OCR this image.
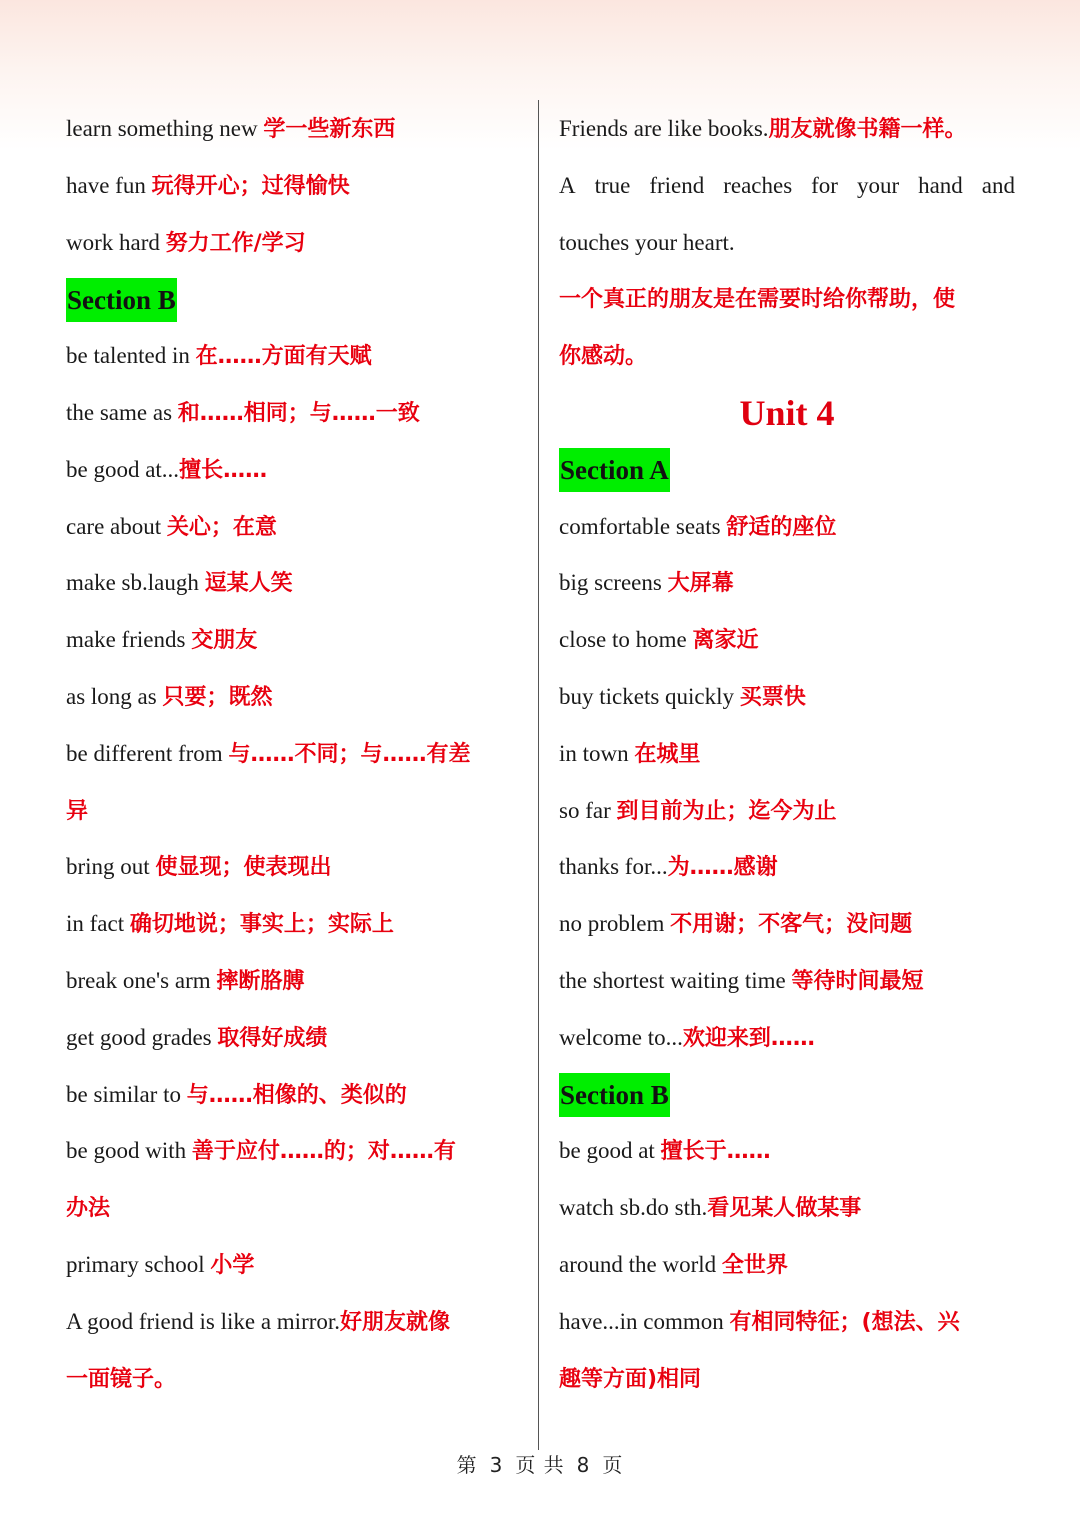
learn something new 学一些新东西
have fun 玩得开心；过得愉快
work hard 努力工作/学习
Section B
be talented in 在……方面有天赋
the same as 和……相同；与……一致
be good at...擅长……
care about 关心；在意
make sb.laugh 逗某人笑
make friends 交朋友
as long as 只要；既然
be different from 与……不同；与……有差
异
bring out 使显现；使表现出
in fact 确切地说；事实上；实际上
break one's arm 摔断胳膊
get good grades 取得好成绩
be similar to 与……相像的、类似的
be good with 善于应付……的；对……有
办法
primary school 小学
A good friend is like a mirror.好朋友就像
一面镜子。
Friends are like books.朋友就像书籍一样。
A true friend reaches for your hand and
touches your heart.
一个真正的朋友是在需要时给你帮助，使
你感动。
Unit 4
Section A
comfortable seats 舒适的座位
big screens 大屏幕
close to home 离家近
buy tickets quickly 买票快
in town 在城里
so far 到目前为止；迄今为止
thanks for...为……感谢
no problem 不用谢；不客气；没问题
the shortest waiting time 等待时间最短
welcome to...欢迎来到……
Section B
be good at 擅长于……
watch sb.do sth.看见某人做某事
around the world 全世界
have...in common 有相同特征；(想法、兴
趣等方面)相同
第 3 页 共 8 页
